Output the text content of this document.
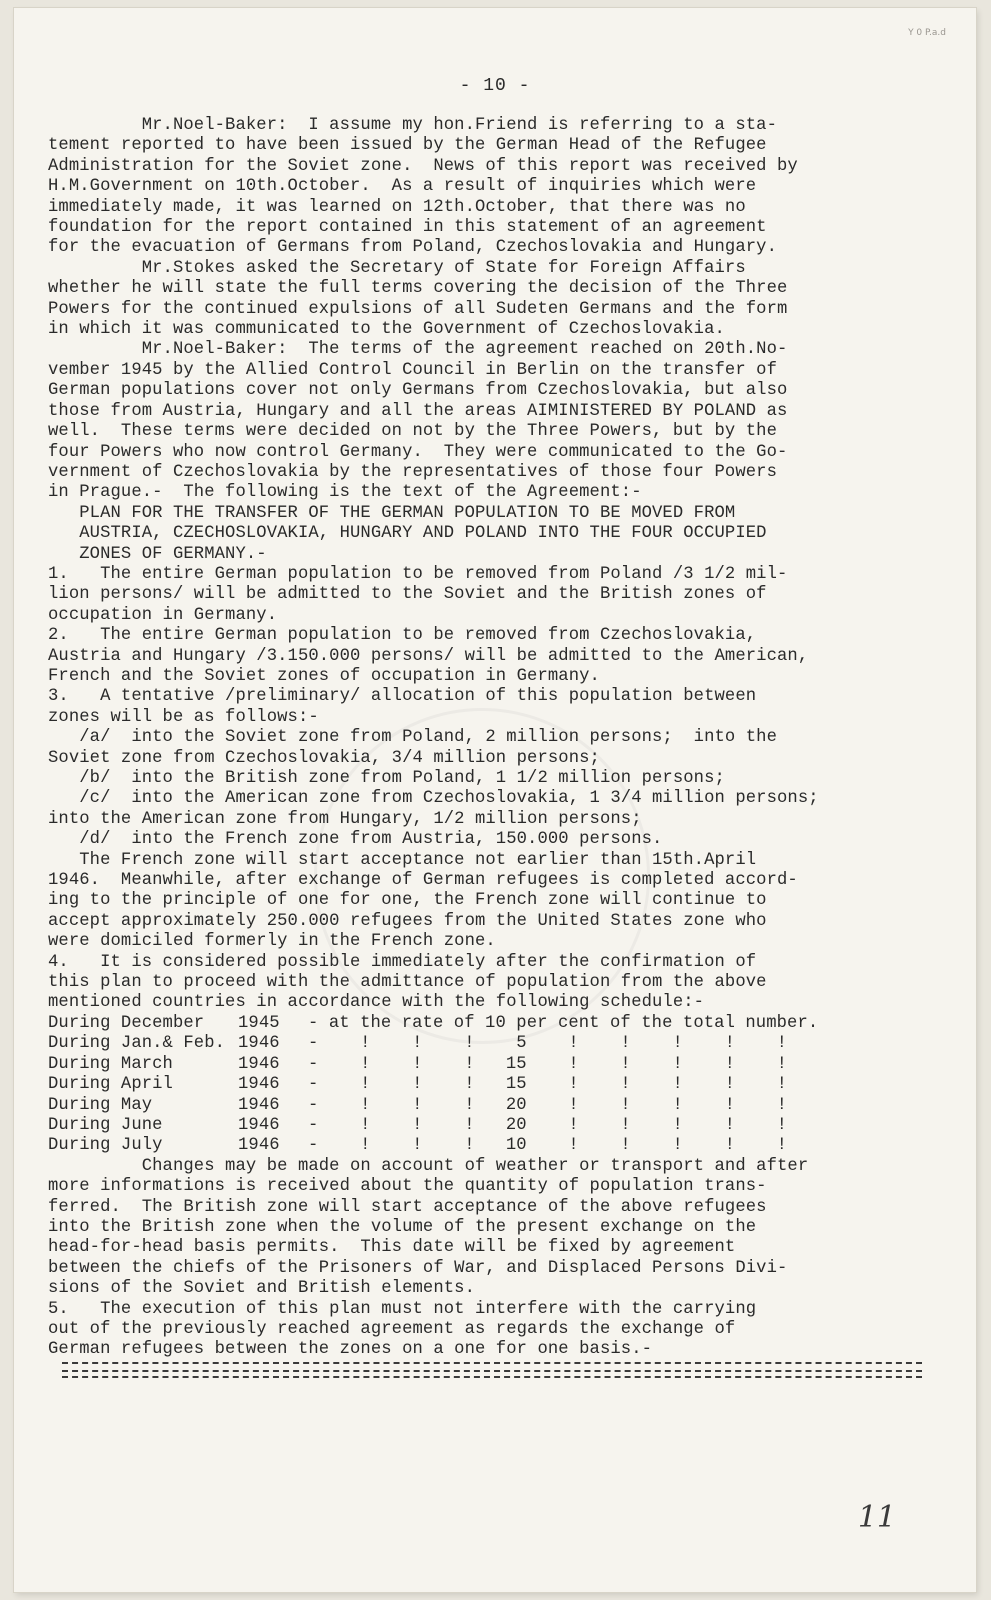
Y 0 P.a.d
- 10 -
Mr.Noel-Baker:  I assume my hon.Friend is referring to a sta-
tement reported to have been issued by the German Head of the Refugee
Administration for the Soviet zone.  News of this report was received by
H.M.Government on 10th.October.  As a result of inquiries which were
immediately made, it was learned on 12th.October, that there was no
foundation for the report contained in this statement of an agreement
for the evacuation of Germans from Poland, Czechoslovakia and Hungary.
Mr.Stokes asked the Secretary of State for Foreign Affairs
whether he will state the full terms covering the decision of the Three
Powers for the continued expulsions of all Sudeten Germans and the form
in which it was communicated to the Government of Czechoslovakia.
Mr.Noel-Baker:  The terms of the agreement reached on 20th.No-
vember 1945 by the Allied Control Council in Berlin on the transfer of
German populations cover not only Germans from Czechoslovakia, but also
those from Austria, Hungary and all the areas AIMINISTERED BY POLAND as
well.  These terms were decided on not by the Three Powers, but by the
four Powers who now control Germany.  They were communicated to the Go-
vernment of Czechoslovakia by the representatives of those four Powers
in Prague.-  The following is the text of the Agreement:-
PLAN FOR THE TRANSFER OF THE GERMAN POPULATION TO BE MOVED FROM
AUSTRIA, CZECHOSLOVAKIA, HUNGARY AND POLAND INTO THE FOUR OCCUPIED
ZONES OF GERMANY.-
1.   The entire German population to be removed from Poland /3 1/2 mil-
lion persons/ will be admitted to the Soviet and the British zones of
occupation in Germany.
2.   The entire German population to be removed from Czechoslovakia,
Austria and Hungary /3.150.000 persons/ will be admitted to the American,
French and the Soviet zones of occupation in Germany.
3.   A tentative /preliminary/ allocation of this population between
zones will be as follows:-
/a/  into the Soviet zone from Poland, 2 million persons;  into the
Soviet zone from Czechoslovakia, 3/4 million persons;
/b/  into the British zone from Poland, 1 1/2 million persons;
/c/  into the American zone from Czechoslovakia, 1 3/4 million persons;
into the American zone from Hungary, 1/2 million persons;
/d/  into the French zone from Austria, 150.000 persons.
The French zone will start acceptance not earlier than 15th.April
1946.  Meanwhile, after exchange of German refugees is completed accord-
ing to the principle of one for one, the French zone will continue to
accept approximately 250.000 refugees from the United States zone who
were domiciled formerly in the French zone.
4.   It is considered possible immediately after the confirmation of
this plan to proceed with the admittance of population from the above
mentioned countries in accordance with the following schedule:-
During December	1945	- at the rate of 10 per cent of the total number.
During Jan.& Feb. 1946	-    !    !    !    5    !    !    !    !    !
During March	1946	-    !    !    !   15    !    !    !    !    !
During April	1946	-    !    !    !   15    !    !    !    !    !
During May	1946	-    !    !    !   20    !    !    !    !    !
During June	1946	-    !    !    !   20    !    !    !    !    !
During July	1946	-    !    !    !   10    !    !    !    !    !
Changes may be made on account of weather or transport and after
more informations is received about the quantity of population trans-
ferred.  The British zone will start acceptance of the above refugees
into the British zone when the volume of the present exchange on the
head-for-head basis permits.  This date will be fixed by agreement
between the chiefs of the Prisoners of War, and Displaced Persons Divi-
sions of the Soviet and British elements.
5.   The execution of this plan must not interfere with the carrying
out of the previously reached agreement as regards the exchange of
German refugees between the zones on a one for one basis.-
11
